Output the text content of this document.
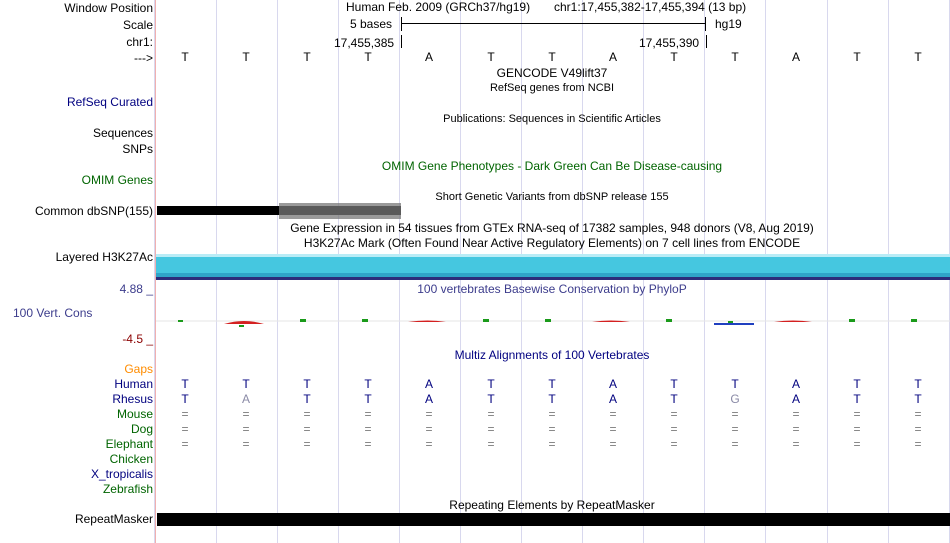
Window Position
Scale
chr1:
--->
Human Feb. 2009 (GRCh37/hg19) chr1:17,455,382-17,455,394 (13 bp)
5 bases	hg19
17,455,385	17,455,390
T	T	T	T	A	T	T	A	T	T	A	T	T
GENCODE V49lift37
RefSeq genes from NCBI
RefSeq Curated
Publications: Sequences in Scientific Articles
Sequences
SNPs
OMIM Gene Phenotypes - Dark Green Can Be Disease-causing
OMIM Genes
Short Genetic Variants from dbSNP release 155
Common dbSNP(155)
Gene Expression in 54 tissues from GTEx RNA-seq of 17382 samples, 948 donors (V8, Aug 2019)
H3K27Ac Mark (Often Found Near Active Regulatory Elements) on 7 cell lines from ENCODE
Layered H3K27Ac
4.88 _	100 vertebrates Basewise Conservation by PhyloP
100 Vert. Cons
-4.5 _
Multiz Alignments of 100 Vertebrates
Gaps
Human	T	T	T	T	A	T	T	A	T	T	A	T	T
Rhesus	T	A	T	T	A	T	T	A	T	G	A	T	T
Mouse	=	=	=	=	=	=	=	=	=	=	=	=	=
Dog	=	=	=	=	=	=	=	=	=	=	=	=	=
Elephant	=	=	=	=	=	=	=	=	=	=	=	=	=
Chicken
X_tropicalis
Zebrafish
Repeating Elements by RepeatMasker
RepeatMasker
